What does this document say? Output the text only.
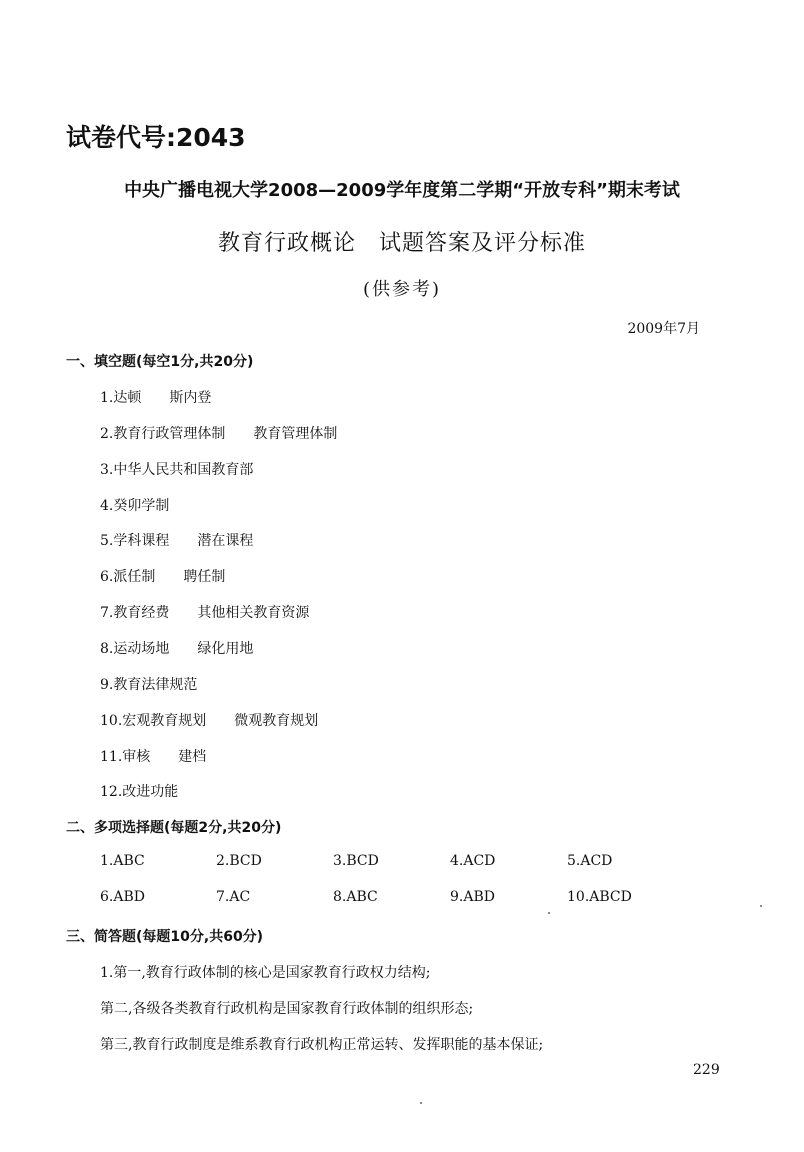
试卷代号:2043
中央广播电视大学2008—2009学年度第二学期“开放专科”期末考试
教育行政概论　试题答案及评分标准
(供参考)
2009年7月
一、填空题(每空1分,共20分)
1.达顿　　斯内登
2.教育行政管理体制　　教育管理体制
3.中华人民共和国教育部
4.癸卯学制
5.学科课程　　潜在课程
6.派任制　　聘任制
7.教育经费　　其他相关教育资源
8.运动场地　　绿化用地
9.教育法律规范
10.宏观教育规划　　微观教育规划
11.审核　　建档
12.改进功能
二、多项选择题(每题2分,共20分)
1.ABC	2.BCD	3.BCD	4.ACD	5.ACD
6.ABD	7.AC	8.ABC	9.ABD	10.ABCD
三、简答题(每题10分,共60分)
1.第一,教育行政体制的核心是国家教育行政权力结构;
第二,各级各类教育行政机构是国家教育行政体制的组织形态;
第三,教育行政制度是维系教育行政机构正常运转、发挥职能的基本保证;
229
